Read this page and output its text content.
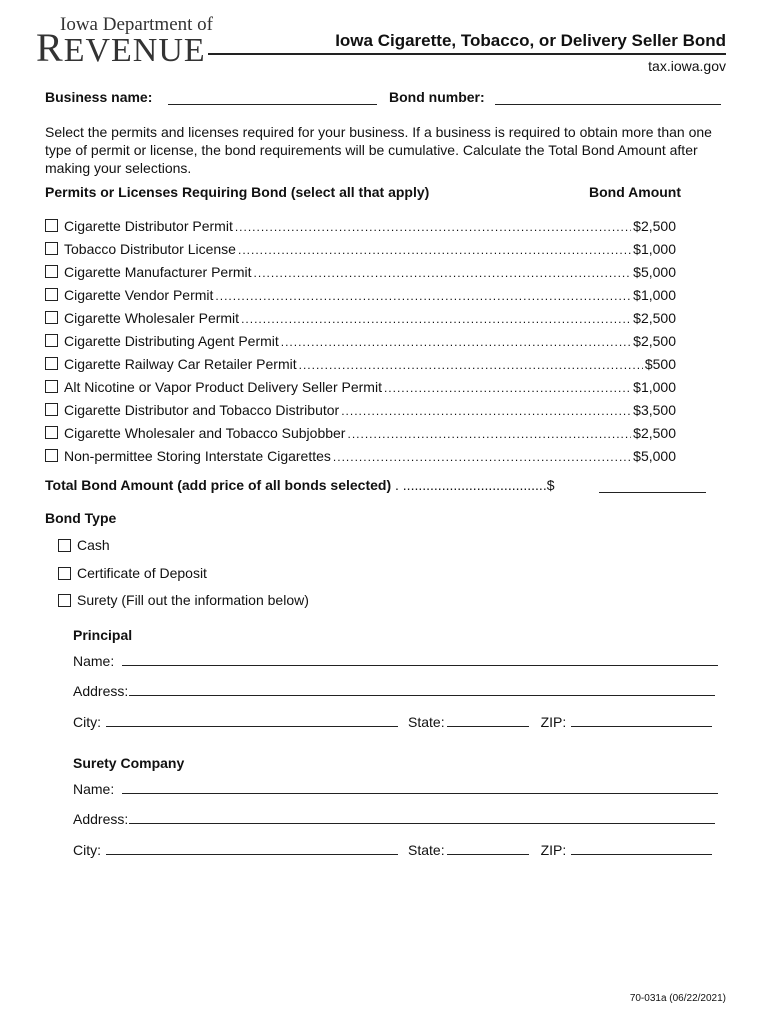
Iowa Department of
REVENUE	Iowa Cigarette, Tobacco, or Delivery Seller Bond
tax.iowa.gov
Business name:	Bond number:
Select the permits and licenses required for your business. If a business is required to obtain more than one type of permit or license, the bond requirements will be cumulative. Calculate the Total Bond Amount after making your selections.
Permits or Licenses Requiring Bond (select all that apply)	Bond Amount
Cigarette Distributor Permit .....	$2,500
Tobacco Distributor License .....	$1,000
Cigarette Manufacturer Permit .....	$5,000
Cigarette Vendor Permit .....	$1,000
Cigarette Wholesaler Permit .....	$2,500
Cigarette Distributing Agent Permit .....	$2,500
Cigarette Railway Car Retailer Permit .....	$500
Alt Nicotine or Vapor Product Delivery Seller Permit .....	$1,000
Cigarette Distributor and Tobacco Distributor .....	$3,500
Cigarette Wholesaler and Tobacco Subjobber .....	$2,500
Non-permittee Storing Interstate Cigarettes .....	$5,000
Total Bond Amount (add price of all bonds selected) . .....................................$
Bond Type
Cash
Certificate of Deposit
Surety (Fill out the information below)
Principal
Name:
Address:
City:	State:	ZIP:
Surety Company
Name:
Address:
City:	State:	ZIP:
70-031a (06/22/2021)
